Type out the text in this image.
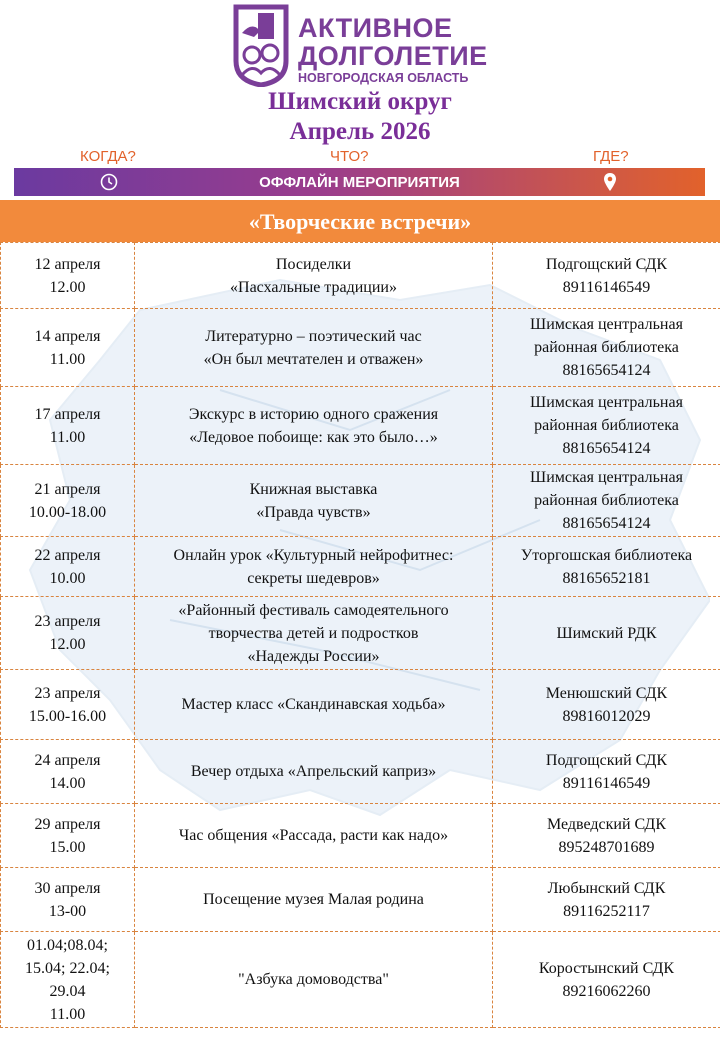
АКТИВНОЕ
ДОЛГОЛЕТИЕ
НОВГОРОДСКАЯ ОБЛАСТЬ
Шимский округ
Апрель 2026
КОГДА?	ЧТО?	ГДЕ?
ОФФЛАЙН МЕРОПРИЯТИЯ
«Творческие встречи»
12 апреля
12.00	Посиделки
«Пасхальные традиции»	Подгощский СДК
89116146549

14 апреля
11.00	Литературно – поэтический час
«Он был мечтателен и отважен»	Шимская центральная
районная библиотека
88165654124

17 апреля
11.00	Экскурс в историю одного сражения
«Ледовое побоище: как это было…»	Шимская центральная
районная библиотека
88165654124

21 апреля
10.00-18.00	Книжная выставка
«Правда чувств»	Шимская центральная
районная библиотека
88165654124

22 апреля
10.00	Онлайн урок «Культурный нейрофитнес:
секреты шедевров»	Уторгошская библиотека
88165652181

23 апреля
12.00	«Районный фестиваль самодеятельного
творчества детей и подростков
«Надежды России»	Шимский РДК

23 апреля
15.00-16.00	Мастер класс «Скандинавская ходьба»	Менюшский СДК
89816012029

24 апреля
14.00	Вечер отдыха «Апрельский каприз»	Подгощский СДК
89116146549

29 апреля
15.00	Час общения «Рассада, расти как надо»	Медведский СДК
895248701689

30 апреля
13-00	Посещение музея Малая родина	Любынский СДК
89116252117

01.04;08.04;
15.04; 22.04;
29.04
11.00	"Азбука домоводства"	Коростынский СДК
89216062260
